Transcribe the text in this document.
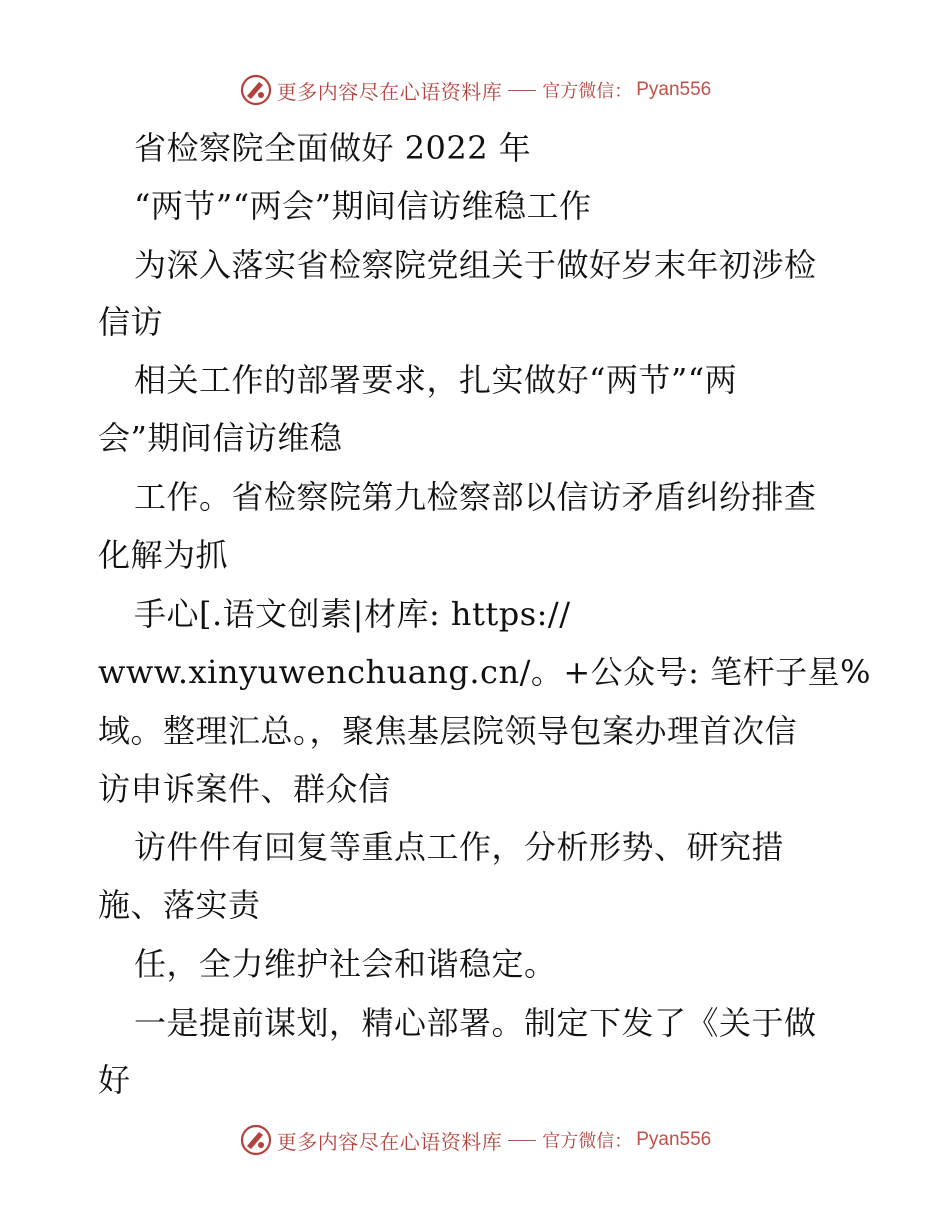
更多内容尽在心语资料库 官方微信： Pyan556
省检察院全面做好 2022 年
“两节”“两会”期间信访维稳工作
为深入落实省检察院党组关于做好岁末年初涉检
信访
相关工作的部署要求，扎实做好“两节”“两
会”期间信访维稳
工作。省检察院第九检察部以信访矛盾纠纷排查
化解为抓
手心[.语文创素|材库: https://
www.xinyuwenchuang.cn/。+公众号: 笔杆子星%
域。整理汇总。，聚焦基层院领导包案办理首次信
访申诉案件、群众信
访件件有回复等重点工作，分析形势、研究措
施、落实责
任，全力维护社会和谐稳定。
一是提前谋划，精心部署。制定下发了《关于做
好
更多内容尽在心语资料库 官方微信： Pyan556
